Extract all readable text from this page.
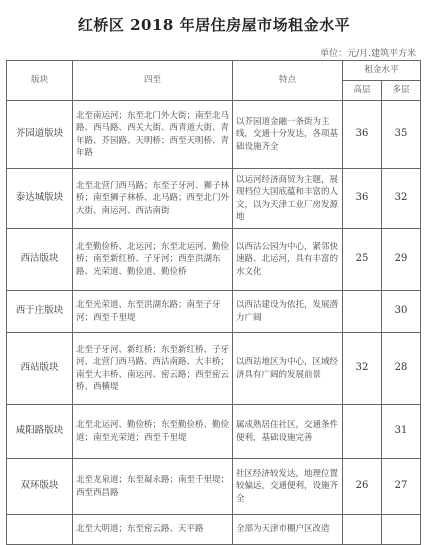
红桥区 2018 年居住房屋市场租金水平
单位：元/月.建筑平方米
版块	四至	特点	租金水平	
			高层	多层
芥园道版块	北至南运河；东至北门外大街；南至北马路、西马路、西关大街、西青道大街、青年路、芥园路、天明桥；西至天明桥、青年路	以芥园道金融一条街为主线，交通十分发达，各项基础设施齐全	36	35
泰达城版块	北至北营门西马路；东至子牙河、狮子林桥；南至狮子林桥、北马路；西至北门外大街、南运河、西沽南街	以运河经济商贸为主题，展现档位大国底蕴和丰富的人文，以为天津工业厂房发源地	36	32
西沽版块	北至勤俭桥、北运河；东至北运河、勤俭桥；南至新红桥、子牙河；西至洪湖东路、光荣道、勤俭道、勤俭桥	以西沽公园为中心，紧邻快速路、北运河，具有丰富的水文化	25	29
西于庄版块	北至光荣道、东至洪湖东路；南至子牙河；西至千里堤	以西沽建设为依托，发展潜力广阔		30
西站版块	北至子牙河、新红桥；东至新红桥、子牙河、北营门西马路、西沽南路、大丰桥；南至大丰桥、南运河、密云路；西至密云桥、西横堤	以西站地区为中心，区域经济具有广阔的发展前景	32	28
咸阳路版块	北至北运河、勤俭桥；东至勤俭桥、勤俭道；南至光荣道；西至千里堤	属成熟居住社区，交通条件便利，基础设施完善		31
双环版块	北至龙泉道；东至凝永路；南至千里堤；西至西昌路	社区经济较发达，地理位置较偏远，交通便利，设施齐全	26	27
	北至大明道；东至密云路、天平路	全部为天津市棚户区改造		
